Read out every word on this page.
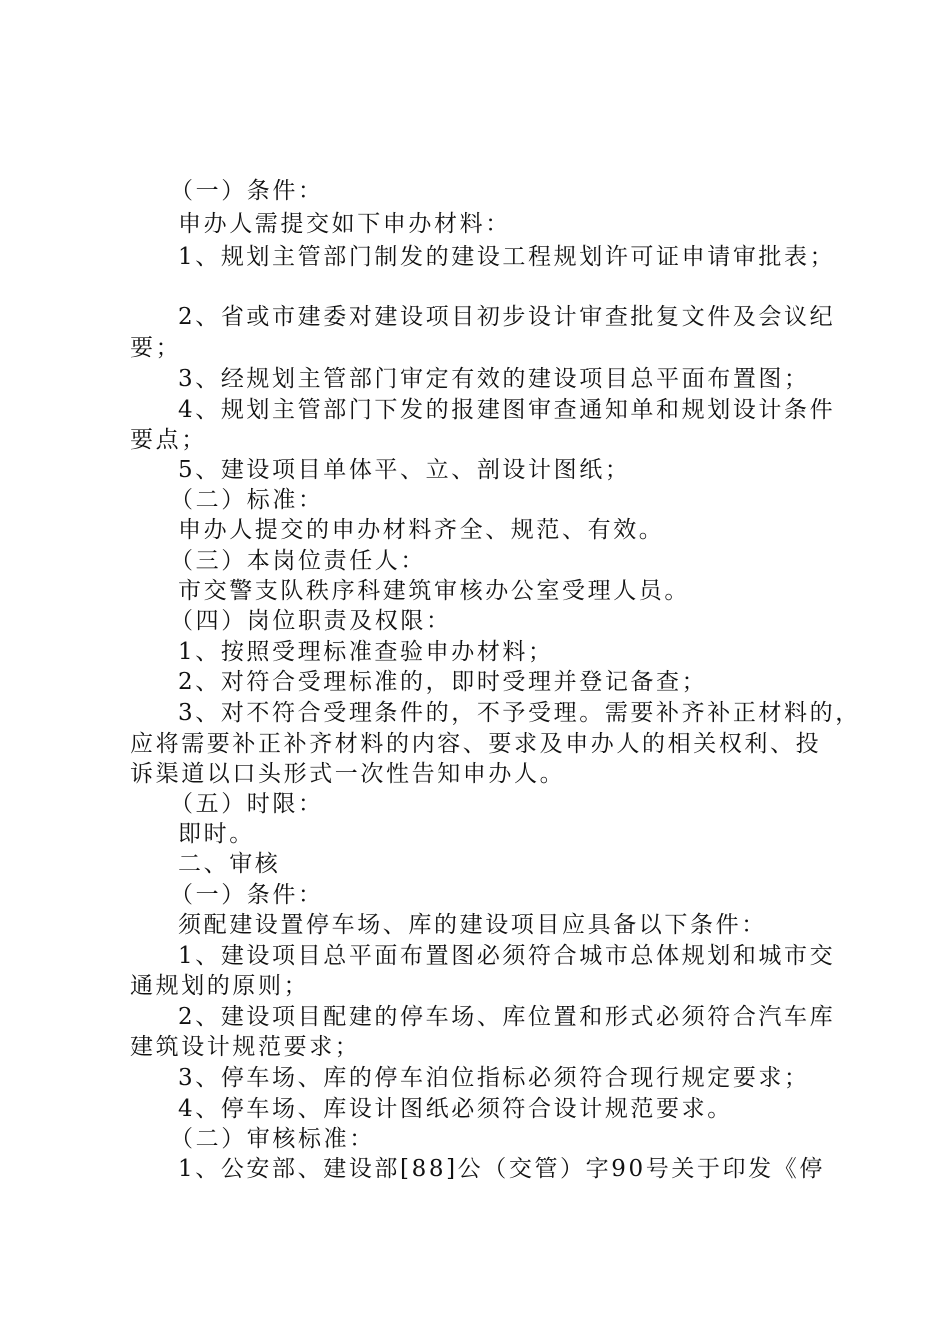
（一）条件：
申办人需提交如下申办材料：
1、规划主管部门制发的建设工程规划许可证申请审批表；
2、省或市建委对建设项目初步设计审查批复文件及会议纪
要；
3、经规划主管部门审定有效的建设项目总平面布置图；
4、规划主管部门下发的报建图审查通知单和规划设计条件
要点；
5、建设项目单体平、立、剖设计图纸；
（二）标准：
申办人提交的申办材料齐全、规范、有效。
（三）本岗位责任人：
市交警支队秩序科建筑审核办公室受理人员。
（四）岗位职责及权限：
1、按照受理标准查验申办材料；
2、对符合受理标准的，即时受理并登记备查；
3、对不符合受理条件的，不予受理。需要补齐补正材料的，
应将需要补正补齐材料的内容、要求及申办人的相关权利、投
诉渠道以口头形式一次性告知申办人。
（五）时限：
即时。
二、审核
（一）条件：
须配建设置停车场、库的建设项目应具备以下条件：
1、建设项目总平面布置图必须符合城市总体规划和城市交
通规划的原则；
2、建设项目配建的停车场、库位置和形式必须符合汽车库
建筑设计规范要求；
3、停车场、库的停车泊位指标必须符合现行规定要求；
4、停车场、库设计图纸必须符合设计规范要求。
（二）审核标准：
1、公安部、建设部[88]公（交管）字90号关于印发《停
